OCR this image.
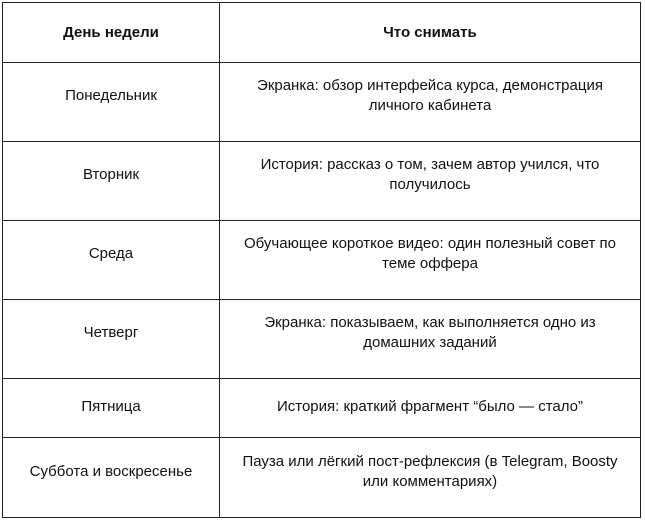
День недели	Что снимать
Понедельник	Экранка: обзор интерфейса курса, демонстрация личного кабинета
Вторник	История: рассказ о том, зачем автор учился, что получилось
Среда	Обучающее короткое видео: один полезный совет по теме оффера
Четверг	Экранка: показываем, как выполняется одно из домашних заданий
Пятница	История: краткий фрагмент “было — стало”
Суббота и воскресенье	Пауза или лёгкий пост-рефлексия (в Telegram, Boosty или комментариях)
